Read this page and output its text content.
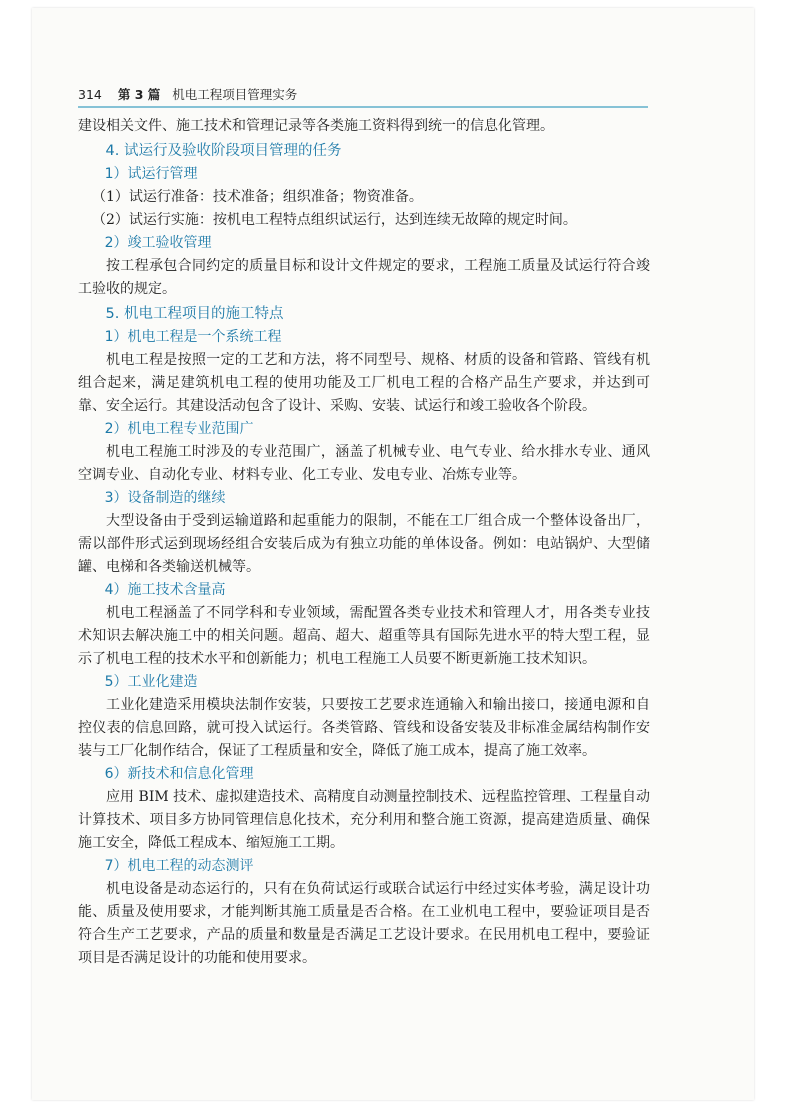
314 第 3 篇 机电工程项目管理实务

建设相关文件、施工技术和管理记录等各类施工资料得到统一的信息化管理。

4. 试运行及验收阶段项目管理的任务
1）试运行管理

（1）试运行准备：技术准备；组织准备；物资准备。

（2）试运行实施：按机电工程特点组织试运行，达到连续无故障的规定时间。

2）竣工验收管理

按工程承包合同约定的质量目标和设计文件规定的要求，工程施工质量及试运行符合竣工验收的规定。

5. 机电工程项目的施工特点
1）机电工程是一个系统工程

机电工程是按照一定的工艺和方法，将不同型号、规格、材质的设备和管路、管线有机组合起来，满足建筑机电工程的使用功能及工厂机电工程的合格产品生产要求，并达到可靠、安全运行。其建设活动包含了设计、采购、安装、试运行和竣工验收各个阶段。

2）机电工程专业范围广

机电工程施工时涉及的专业范围广，涵盖了机械专业、电气专业、给水排水专业、通风空调专业、自动化专业、材料专业、化工专业、发电专业、冶炼专业等。

3）设备制造的继续

大型设备由于受到运输道路和起重能力的限制，不能在工厂组合成一个整体设备出厂，需以部件形式运到现场经组合安装后成为有独立功能的单体设备。例如：电站锅炉、大型储罐、电梯和各类输送机械等。

4）施工技术含量高

机电工程涵盖了不同学科和专业领域，需配置各类专业技术和管理人才，用各类专业技术知识去解决施工中的相关问题。超高、超大、超重等具有国际先进水平的特大型工程，显示了机电工程的技术水平和创新能力；机电工程施工人员要不断更新施工技术知识。

5）工业化建造

工业化建造采用模块法制作安装，只要按工艺要求连通输入和输出接口，接通电源和自控仪表的信息回路，就可投入试运行。各类管路、管线和设备安装及非标准金属结构制作安装与工厂化制作结合，保证了工程质量和安全，降低了施工成本，提高了施工效率。

6）新技术和信息化管理

应用 BIM 技术、虚拟建造技术、高精度自动测量控制技术、远程监控管理、工程量自动计算技术、项目多方协同管理信息化技术，充分利用和整合施工资源，提高建造质量、确保施工安全，降低工程成本、缩短施工工期。

7）机电工程的动态测评

机电设备是动态运行的，只有在负荷试运行或联合试运行中经过实体考验，满足设计功能、质量及使用要求，才能判断其施工质量是否合格。在工业机电工程中，要验证项目是否符合生产工艺要求，产品的质量和数量是否满足工艺设计要求。在民用机电工程中，要验证项目是否满足设计的功能和使用要求。
